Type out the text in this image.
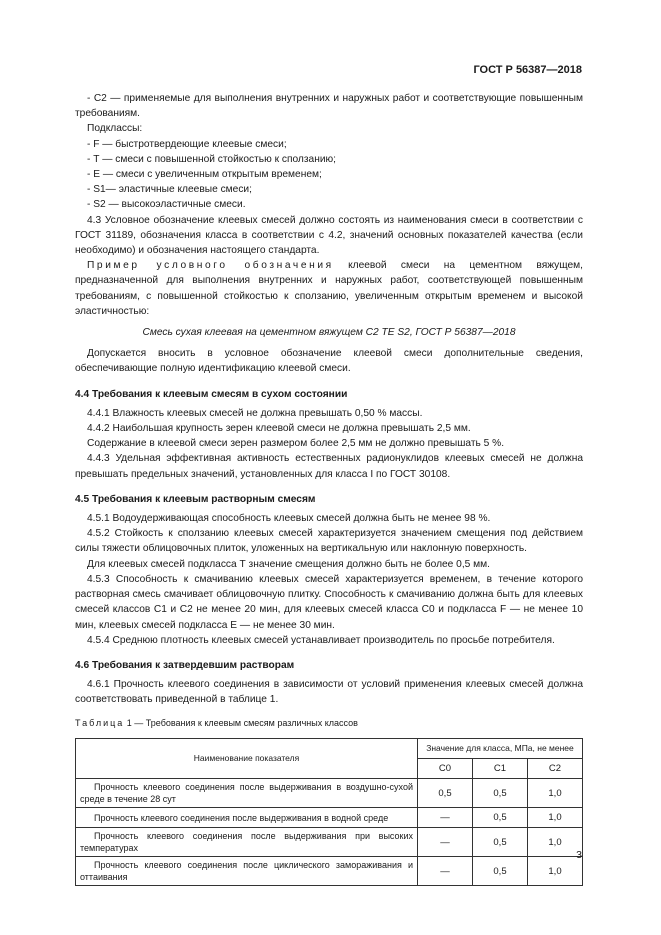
ГОСТ Р 56387—2018

- С2 — применяемые для выполнения внутренних и наружных работ и соответствующие повышенным требованиям.

Подклассы:

- F — быстротвердеющие клеевые смеси;

- Т — смеси с повышенной стойкостью к сползанию;

- Е — смеси с увеличенным открытым временем;

- S1— эластичные клеевые смеси;

- S2 — высокоэластичные смеси.

4.3 Условное обозначение клеевых смесей должно состоять из наименования смеси в соответствии с ГОСТ 31189, обозначения класса в соответствии с 4.2, значений основных показателей качества (если необходимо) и обозначения настоящего стандарта.

Пример условного обозначения клеевой смеси на цементном вяжущем, предназначенной для выполнения внутренних и наружных работ, соответствующей повышенным требованиям, с повышенной стойкостью к сползанию, увеличенным открытым временем и высокой эластичностью:

Смесь сухая клеевая на цементном вяжущем С2 ТЕ S2, ГОСТ Р 56387—2018

Допускается вносить в условное обозначение клеевой смеси дополнительные сведения, обеспечивающие полную идентификацию клеевой смеси.

4.4 Требования к клеевым смесям в сухом состоянии

4.4.1 Влажность клеевых смесей не должна превышать 0,50 % массы.

4.4.2 Наибольшая крупность зерен клеевой смеси не должна превышать 2,5 мм.

Содержание в клеевой смеси зерен размером более 2,5 мм не должно превышать 5 %.

4.4.3 Удельная эффективная активность естественных радионуклидов клеевых смесей не должна превышать предельных значений, установленных для класса I по ГОСТ 30108.

4.5 Требования к клеевым растворным смесям

4.5.1 Водоудерживающая способность клеевых смесей должна быть не менее 98 %.

4.5.2 Стойкость к сползанию клеевых смесей характеризуется значением смещения под действием силы тяжести облицовочных плиток, уложенных на вертикальную или наклонную поверхность.

Для клеевых смесей подкласса Т значение смещения должно быть не более 0,5 мм.

4.5.3 Способность к смачиванию клеевых смесей характеризуется временем, в течение которого растворная смесь смачивает облицовочную плитку. Способность к смачиванию должна быть для клеевых смесей классов С1 и С2 не менее 20 мин, для клеевых смесей класса С0 и подкласса F — не менее 10 мин, клеевых смесей подкласса Е — не менее 30 мин.

4.5.4 Среднюю плотность клеевых смесей устанавливает производитель по просьбе потребителя.

4.6 Требования к затвердевшим растворам

4.6.1 Прочность клеевого соединения в зависимости от условий применения клеевых смесей должна соответствовать приведенной в таблице 1.

Таблица 1 — Требования к клеевым смесям различных классов

Наименование показателя	Значение для класса, МПа, не менее		
	С0	С1	С2
Прочность клеевого соединения после выдерживания в воздушно-сухой среде в течение 28 сут	0,5	0,5	1,0
Прочность клеевого соединения после выдерживания в водной среде	—	0,5	1,0
Прочность клеевого соединения после выдерживания при высоких температурах	—	0,5	1,0
Прочность клеевого соединения после циклического замораживания и оттаивания	—	0,5	1,0
3
